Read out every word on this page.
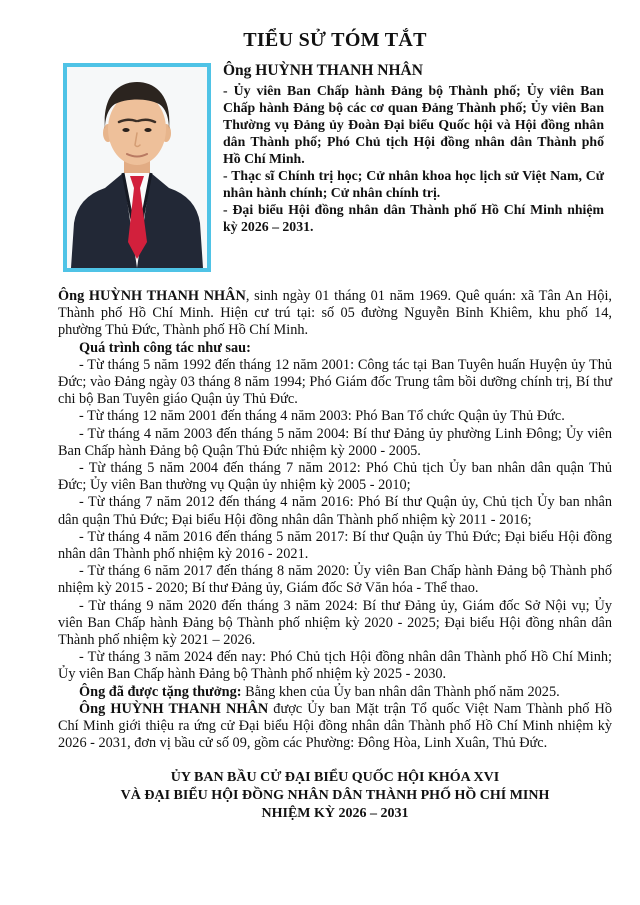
TIỂU SỬ TÓM TẮT
Ông HUỲNH THANH NHÂN
- Ủy viên Ban Chấp hành Đảng bộ Thành phố; Ủy viên Ban Chấp hành Đảng bộ các cơ quan Đảng Thành phố; Ủy viên Ban Thường vụ Đảng ủy Đoàn Đại biểu Quốc hội và Hội đồng nhân dân Thành phố; Phó Chủ tịch Hội đồng nhân dân Thành phố Hồ Chí Minh.
- Thạc sĩ Chính trị học; Cử nhân khoa học lịch sử Việt Nam, Cử nhân hành chính; Cử nhân chính trị.
- Đại biểu Hội đồng nhân dân Thành phố Hồ Chí Minh nhiệm kỳ 2026 – 2031.

Ông HUỲNH THANH NHÂN, sinh ngày 01 tháng 01 năm 1969. Quê quán: xã Tân An Hội, Thành phố Hồ Chí Minh. Hiện cư trú tại: số 05 đường Nguyễn Bỉnh Khiêm, khu phố 14, phường Thủ Đức, Thành phố Hồ Chí Minh.

Quá trình công tác như sau:

- Từ tháng 5 năm 1992 đến tháng 12 năm 2001: Công tác tại Ban Tuyên huấn Huyện ủy Thủ Đức; vào Đảng ngày 03 tháng 8 năm 1994; Phó Giám đốc Trung tâm bồi dưỡng chính trị, Bí thư chi bộ Ban Tuyên giáo Quận ủy Thủ Đức.

- Từ tháng 12 năm 2001 đến tháng 4 năm 2003: Phó Ban Tổ chức Quận ủy Thủ Đức.

- Từ tháng 4 năm 2003 đến tháng 5 năm 2004: Bí thư Đảng ủy phường Linh Đông; Ủy viên Ban Chấp hành Đảng bộ Quận Thủ Đức nhiệm kỳ 2000 - 2005.

- Từ tháng 5 năm 2004 đến tháng 7 năm 2012: Phó Chủ tịch Ủy ban nhân dân quận Thủ Đức; Ủy viên Ban thường vụ Quận ủy nhiệm kỳ 2005 - 2010;

- Từ tháng 7 năm 2012 đến tháng 4 năm 2016: Phó Bí thư Quận ủy, Chủ tịch Ủy ban nhân dân quận Thủ Đức; Đại biểu Hội đồng nhân dân Thành phố nhiệm kỳ 2011 - 2016;

- Từ tháng 4 năm 2016 đến tháng 5 năm 2017: Bí thư Quận ủy Thủ Đức; Đại biểu Hội đồng nhân dân Thành phố nhiệm kỳ 2016 - 2021.

- Từ tháng 6 năm 2017 đến tháng 8 năm 2020: Ủy viên Ban Chấp hành Đảng bộ Thành phố nhiệm kỳ 2015 - 2020; Bí thư Đảng ủy, Giám đốc Sở Văn hóa - Thể thao.

- Từ tháng 9 năm 2020 đến tháng 3 năm 2024: Bí thư Đảng ủy, Giám đốc Sở Nội vụ; Ủy viên Ban Chấp hành Đảng bộ Thành phố nhiệm kỳ 2020 - 2025; Đại biểu Hội đồng nhân dân Thành phố nhiệm kỳ 2021 – 2026.

- Từ tháng 3 năm 2024 đến nay: Phó Chủ tịch Hội đồng nhân dân Thành phố Hồ Chí Minh; Ủy viên Ban Chấp hành Đảng bộ Thành phố nhiệm kỳ 2025 - 2030.

Ông đã được tặng thưởng: Bằng khen của Ủy ban nhân dân Thành phố năm 2025.

Ông HUỲNH THANH NHÂN được Ủy ban Mặt trận Tổ quốc Việt Nam Thành phố Hồ Chí Minh giới thiệu ra ứng cử Đại biểu Hội đồng nhân dân Thành phố Hồ Chí Minh nhiệm kỳ 2026 - 2031, đơn vị bầu cử số 09, gồm các Phường: Đông Hòa, Linh Xuân, Thủ Đức.

ỦY BAN BẦU CỬ ĐẠI BIỂU QUỐC HỘI KHÓA XVI
VÀ ĐẠI BIỂU HỘI ĐỒNG NHÂN DÂN THÀNH PHỐ HỒ CHÍ MINH
NHIỆM KỲ 2026 – 2031
